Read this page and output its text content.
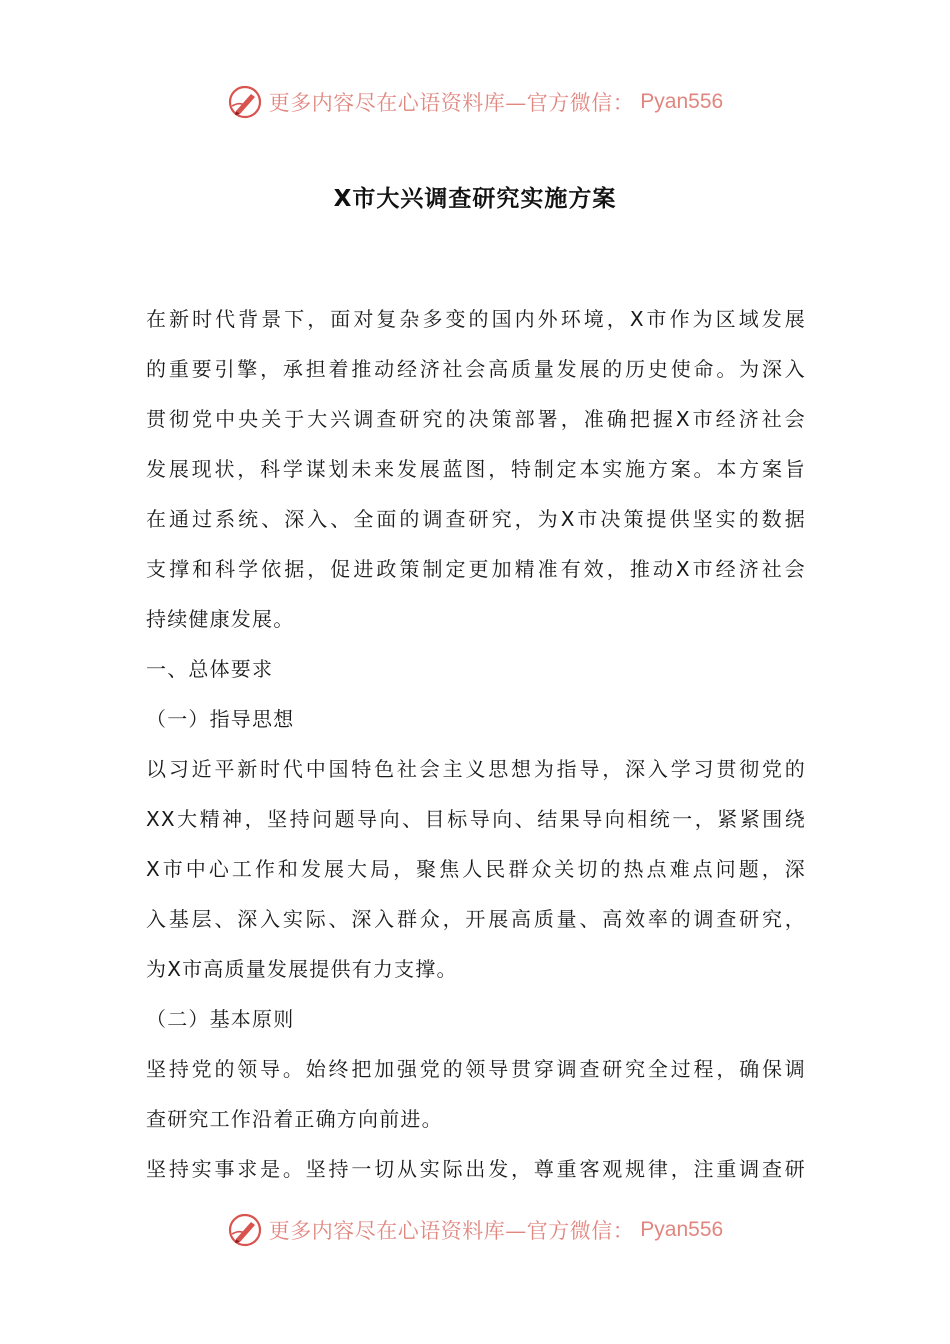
更多内容尽在心语资料库—官方微信： Pyan556
X市大兴调查研究实施方案
在新时代背景下，面对复杂多变的国内外环境，X市作为区域发展
的重要引擎，承担着推动经济社会高质量发展的历史使命。为深入
贯彻党中央关于大兴调查研究的决策部署，准确把握X市经济社会
发展现状，科学谋划未来发展蓝图，特制定本实施方案。本方案旨
在通过系统、深入、全面的调查研究，为X市决策提供坚实的数据
支撑和科学依据，促进政策制定更加精准有效，推动X市经济社会
持续健康发展。
一、总体要求
（一）指导思想
以习近平新时代中国特色社会主义思想为指导，深入学习贯彻党的
XX大精神，坚持问题导向、目标导向、结果导向相统一，紧紧围绕
X市中心工作和发展大局，聚焦人民群众关切的热点难点问题，深
入基层、深入实际、深入群众，开展高质量、高效率的调查研究，
为X市高质量发展提供有力支撑。
（二）基本原则
坚持党的领导。始终把加强党的领导贯穿调查研究全过程，确保调
查研究工作沿着正确方向前进。
坚持实事求是。坚持一切从实际出发，尊重客观规律，注重调查研
更多内容尽在心语资料库—官方微信： Pyan556
